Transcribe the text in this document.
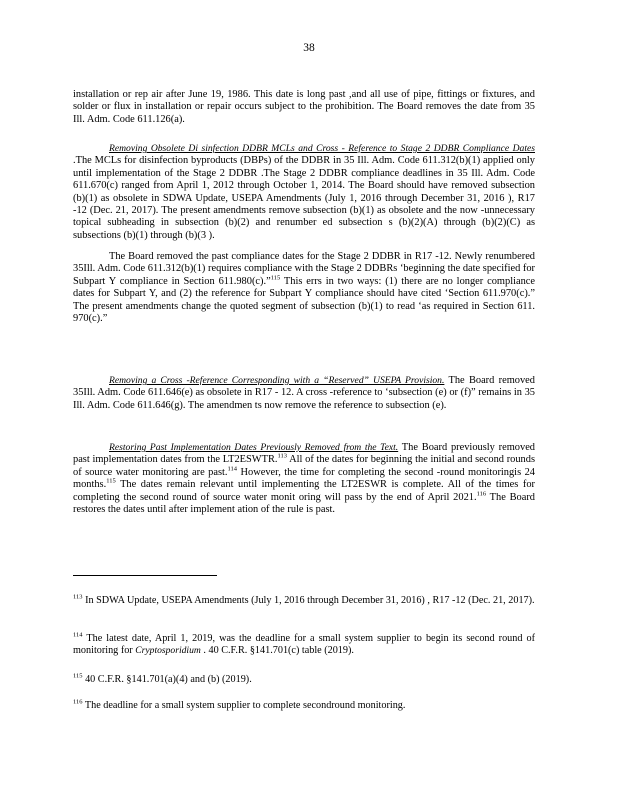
38
installation or rep air after June 19, 1986. This date is long past ,and all use of pipe, fittings or fixtures, and solder or flux in installation or repair occurs subject to the prohibition. The Board removes the date from 35 Ill. Adm. Code 611.126(a).
Removing Obsolete Di sinfection DDBR MCLs and Cross - Reference to Stage 2 DDBR Compliance Dates .The MCLs for disinfection byproducts (DBPs) of the DDBR in 35 Ill. Adm. Code 611.312(b)(1) applied only until implementation of the Stage 2 DDBR .The Stage 2 DDBR compliance deadlines in 35 Ill. Adm. Code 611.670(c) ranged from April 1, 2012 through October 1, 2014. The Board should have removed subsection (b)(1) as obsolete in SDWA Update, USEPA Amendments (July 1, 2016 through December 31, 2016 ), R17 -12 (Dec. 21, 2017). The present amendments remove subsection (b)(1) as obsolete and the now -unnecessary topical subheading in subsection (b)(2) and renumber ed subsection s (b)(2)(A) through (b)(2)(C) as subsections (b)(1) through (b)(3 ).
The Board removed the past compliance dates for the Stage 2 DDBR in R17 -12. Newly renumbered 35Ill. Adm. Code 611.312(b)(1) requires compliance with the Stage 2 DDBRs ‘beginning the date specified for Subpart Y compliance in Section 611.980(c).”$^{115}$ This errs in two ways: (1) there are no longer compliance dates for Subpart Y, and (2) the reference for Subpart Y compliance should have cited ‘Section 611.970(c).” The present amendments change the quoted segment of subsection (b)(1) to read ‘as required in Section 611. 970(c).”
Removing a Cross -Reference Corresponding with a “Reserved” USEPA Provision. The Board removed 35Ill. Adm. Code 611.646(e) as obsolete in R17 - 12. A cross -reference to ‘subsection (e) or (f)” remains in 35 Ill. Adm. Code 611.646(g). The amendmen ts now remove the reference to subsection (e).
Restoring Past Implementation Dates Previously Removed from the Text. The Board previously removed past implementation dates from the LT2ESWTR.$^{113}$ All of the dates for beginning the initial and second rounds of source water monitoring are past.$^{114}$ However, the time for completing the second -round monitoringis 24 months.$^{115}$ The dates remain relevant until implementing the LT2ESWR is complete. All of the times for completing the second round of source water monit oring will pass by the end of April 2021.$^{116}$ The Board restores the dates until after implement ation of the rule is past.
$^{113}$ In SDWA Update, USEPA Amendments (July 1, 2016 through December 31, 2016) , R17 -12 (Dec. 21, 2017).
$^{114}$ The latest date, April 1, 2019, was the deadline for a small system supplier to begin its second round of monitoring for Cryptosporidium . 40 C.F.R. §141.701(c) table (2019).
$^{115}$ 40 C.F.R. §141.701(a)(4) and (b) (2019).
$^{116}$ The deadline for a small system supplier to complete secondround monitoring.
